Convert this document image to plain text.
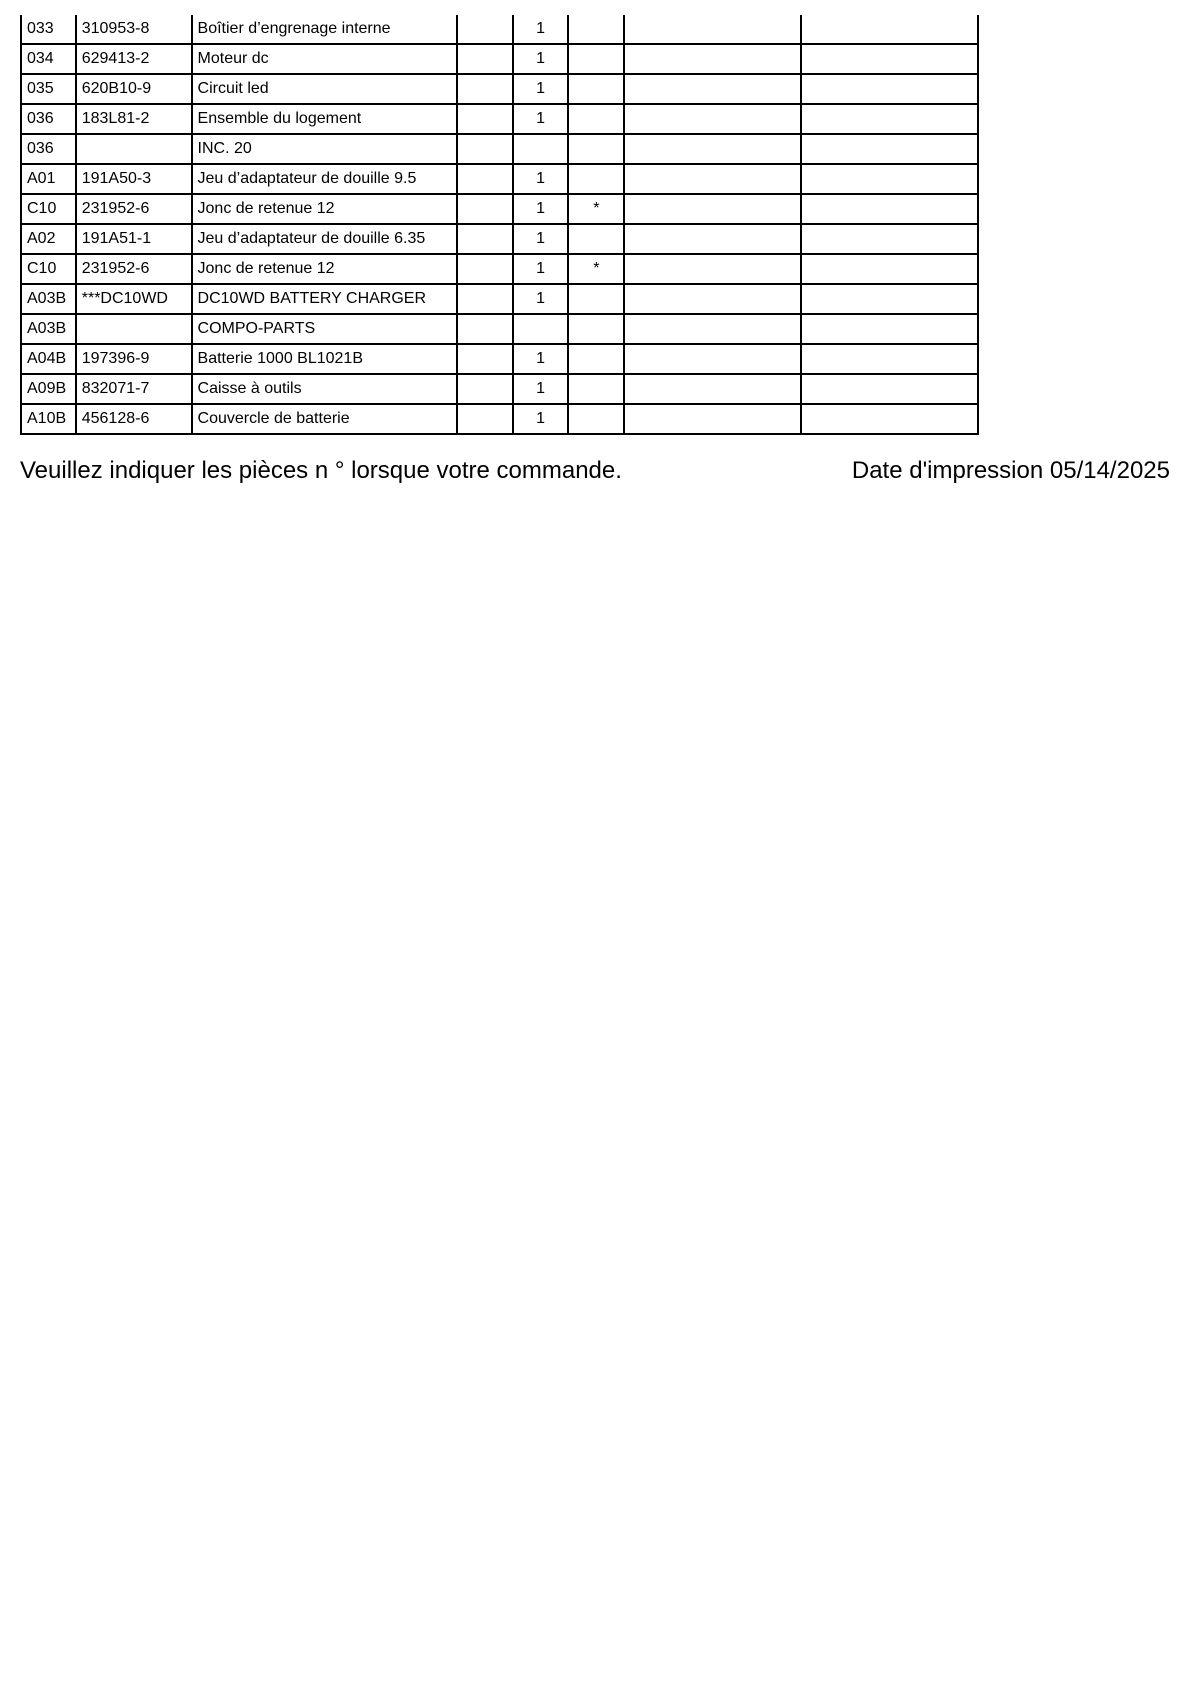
033	310953-8	Boîtier d’engrenage interne		1			
034	629413-2	Moteur dc		1			
035	620B10-9	Circuit led		1			
036	183L81-2	Ensemble du logement		1			
036		INC. 20					
A01	191A50-3	Jeu d’adaptateur de douille 9.5		1			
C10	231952-6	Jonc de retenue 12		1	*		
A02	191A51-1	Jeu d’adaptateur de douille 6.35		1			
C10	231952-6	Jonc de retenue 12		1	*		
A03B	***DC10WD	DC10WD BATTERY CHARGER		1			
A03B		COMPO-PARTS					
A04B	197396-9	Batterie 1000 BL1021B		1			
A09B	832071-7	Caisse à outils		1			
A10B	456128-6	Couvercle de batterie		1			
Veuillez indiquer les pièces n ° lorsque votre commande.	Date d'impression 05/14/2025
